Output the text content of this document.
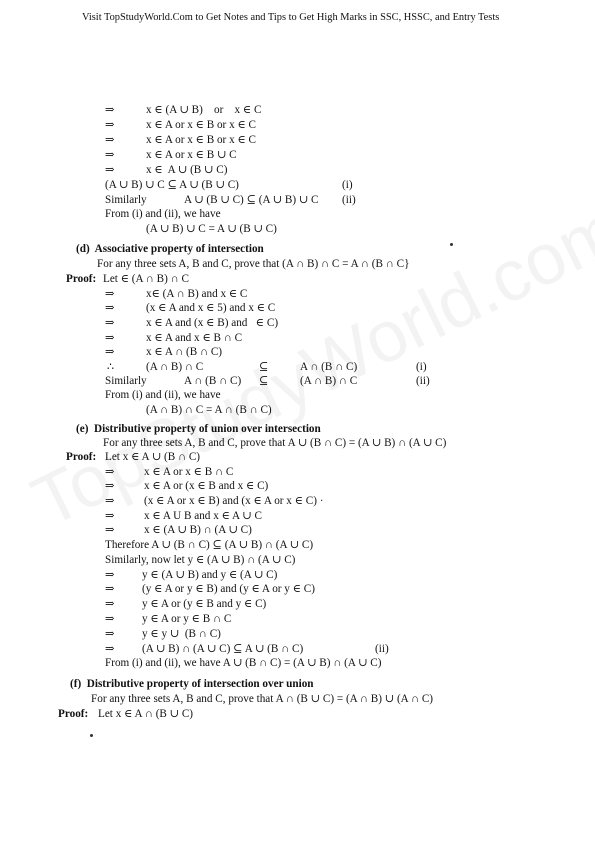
Visit TopStudyWorld.Com to Get Notes and Tips to Get High Marks in SSC, HSSC, and Entry Tests
⇒	x ∈ (A ∪ B)    or    x ∈ C
⇒	x ∈ A or x ∈ B or x ∈ C
⇒	x ∈ A or x ∈ B or x ∈ C
⇒	x ∈ A or x ∈ B ∪ C
⇒	x ∈  A ∪ (B ∪ C)
(A ∪ B) ∪ C ⊆ A ∪ (B ∪ C)	(i)
Similarly	A ∪ (B ∪ C) ⊆ (A ∪ B) ∪ C (ii)
From (i) and (ii), we have
(A ∪ B) ∪ C = A ∪ (B ∪ C)
(d)  Associative property of intersection
For any three sets A, B and C, prove that (A ∩ B) ∩ C = A ∩ (B ∩ C}
Proof: Let ∈ (A ∩ B) ∩ C
⇒	x∈ (A ∩ B) and x ∈ C
⇒	(x ∈ A and x ∈ 5) and x ∈ C
⇒	x ∈ A and (x ∈ B) and   ∈ C)
⇒	x ∈ A and x ∈ B ∩ C
⇒	x ∈ A ∩ (B ∩ C)
∴	(A ∩ B) ∩ C	⊆	A ∩ (B ∩ C)	(i)
Similarly	A ∩ (B ∩ C) ⊆	(A ∩ B) ∩ C	(ii)
From (i) and (ii), we have
(A ∩ B) ∩ C = A ∩ (B ∩ C)
(e)  Distributive property of union over intersection
For any three sets A, B and C, prove that A ∪ (B ∩ C) = (A ∪ B) ∩ (A ∪ C)
Proof: Let x ∈ A ∪ (B ∩ C)
⇒	x ∈ A or x ∈ B ∩ C
⇒	x ∈ A or (x ∈ B and x ∈ C)
⇒	(x ∈ A or x ∈ B) and (x ∈ A or x ∈ C) ·
⇒	x ∈ A U B and x ∈ A ∪ C
⇒	x ∈ (A ∪ B) ∩ (A ∪ C)
Therefore A ∪ (B ∩ C) ⊆ (A ∪ B) ∩ (A ∪ C)
Similarly, now let y ∈ (A ∪ B) ∩ (A ∪ C)
⇒ y ∈ (A ∪ B) and y ∈ (A ∪ C)
⇒ (y ∈ A or y ∈ B) and (y ∈ A or y ∈ C)
⇒ y ∈ A or (y ∈ B and y ∈ C)
⇒ y ∈ A or y ∈ B ∩ C
⇒ y ∈ y ∪  (B ∩ C)
⇒ (A ∪ B) ∩ (A ∪ C) ⊆ A ∪ (B ∩ C)	(ii)
From (i) and (ii), we have A ∪ (B ∩ C) = (A ∪ B) ∩ (A ∪ C)
(f)  Distributive property of intersection over union
For any three sets A, B and C, prove that A ∩ (B ∪ C) = (A ∩ B) ∪ (A ∩ C)
Proof: Let x ∈ A ∩ (B ∪ C)
